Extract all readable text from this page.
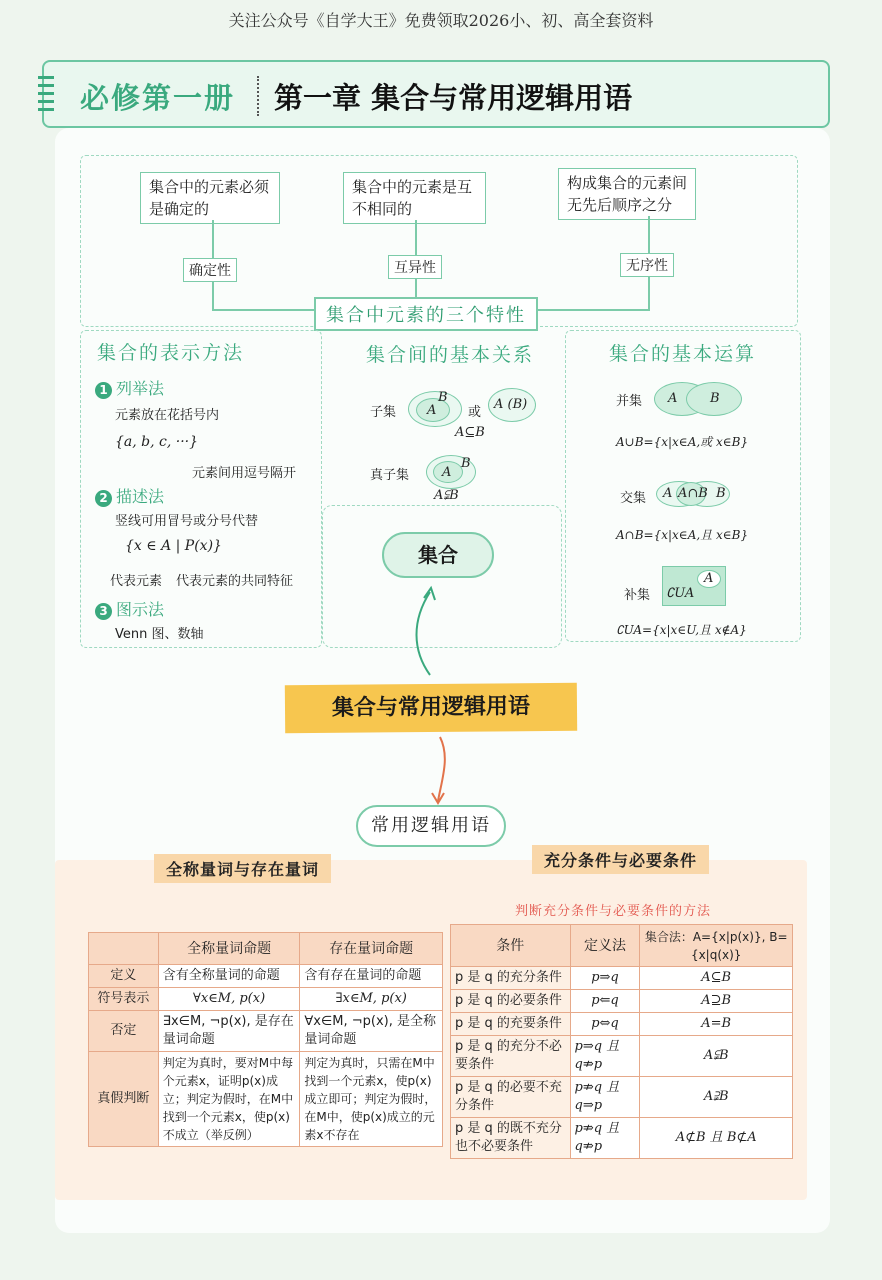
关注公众号《自学大王》免费领取2026小、初、高全套资料
必修第一册 第一章 集合与常用逻辑用语
集合中的元素必须是确定的
集合中的元素是互不相同的
构成集合的元素间无先后顺序之分
确定性	互异性	无序性
集合中元素的三个特性
集合的表示方法
1 列举法
元素放在花括号内
{a, b, c, ···}
元素间用逗号隔开
2 描述法
竖线可用冒号或分号代替
{x ∈ A | P(x)}
代表元素 代表元素的共同特征
3 图示法
Venn 图、数轴
集合间的基本关系
子集 A
B
或
A (B)
A⊆B
真子集	A
B
A⫋B
集合的基本运算
并集 A	B
A∪B={x|x∈A,或 x∈B}
交集 A A∩B B
A∩B={x|x∈A,且 x∈B}
补集
A
∁UA
∁UA={x|x∈U,且 x∉A}
集合
集合与常用逻辑用语
常用逻辑用语
全称量词与存在量词	充分条件与必要条件
判断充分条件与必要条件的方法
	全称量词命题	存在量词命题
定义	含有全称量词的命题	含有存在量词的命题
符号表示	∀x∈M, p(x)	∃x∈M, p(x)
否定	∃x∈M, ¬p(x), 是存在量词命题	∀x∈M, ¬p(x), 是全称量词命题
真假判断	判定为真时，要对M中每个元素x，证明p(x)成立；判定为假时，在M中找到一个元素x，使p(x)不成立（举反例）	判定为真时，只需在M中找到一个元素x，使p(x)成立即可；判定为假时，在M中，使p(x)成立的元素x不存在
条件	定义法	集合法：A={x|p(x)}, B={x|q(x)}
p 是 q 的充分条件	p⇒q	A⊆B
p 是 q 的必要条件	p⇐q	A⊇B
p 是 q 的充要条件	p⇔q	A=B
p 是 q 的充分不必要条件	p⇒q 且 q⇏p	A⫋B
p 是 q 的必要不充分条件	p⇏q 且 q⇒p	A⫌B
p 是 q 的既不充分也不必要条件	p⇏q 且 q⇏p	A⊄B 且 B⊄A
